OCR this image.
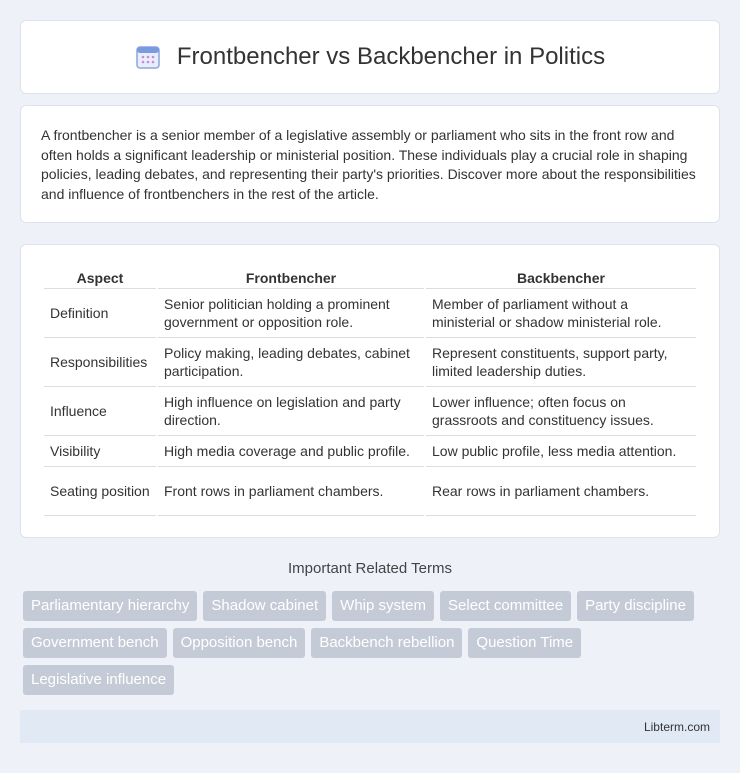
Frontbencher vs Backbencher in Politics

A frontbencher is a senior member of a legislative assembly or parliament who sits in the front row and often holds a significant leadership or ministerial position. These individuals play a crucial role in shaping policies, leading debates, and representing their party's priorities. Discover more about the responsibilities and influence of frontbenchers in the rest of the article.

Aspect	Frontbencher	Backbencher
Definition	Senior politician holding a prominent government or opposition role.	Member of parliament without a ministerial or shadow ministerial role.
Responsibilities	Policy making, leading debates, cabinet participation.	Represent constituents, support party, limited leadership duties.
Influence	High influence on legislation and party direction.	Lower influence; often focus on grassroots and constituency issues.
Visibility	High media coverage and public profile.	Low public profile, less media attention.
Seating position	Front rows in parliament chambers.	Rear rows in parliament chambers.
Important Related Terms
Parliamentary hierarchy	Shadow cabinet	Whip system	Select committee	Party discipline
Government bench	Opposition bench	Backbench rebellion	Question Time
Legislative influence
Libterm.com
